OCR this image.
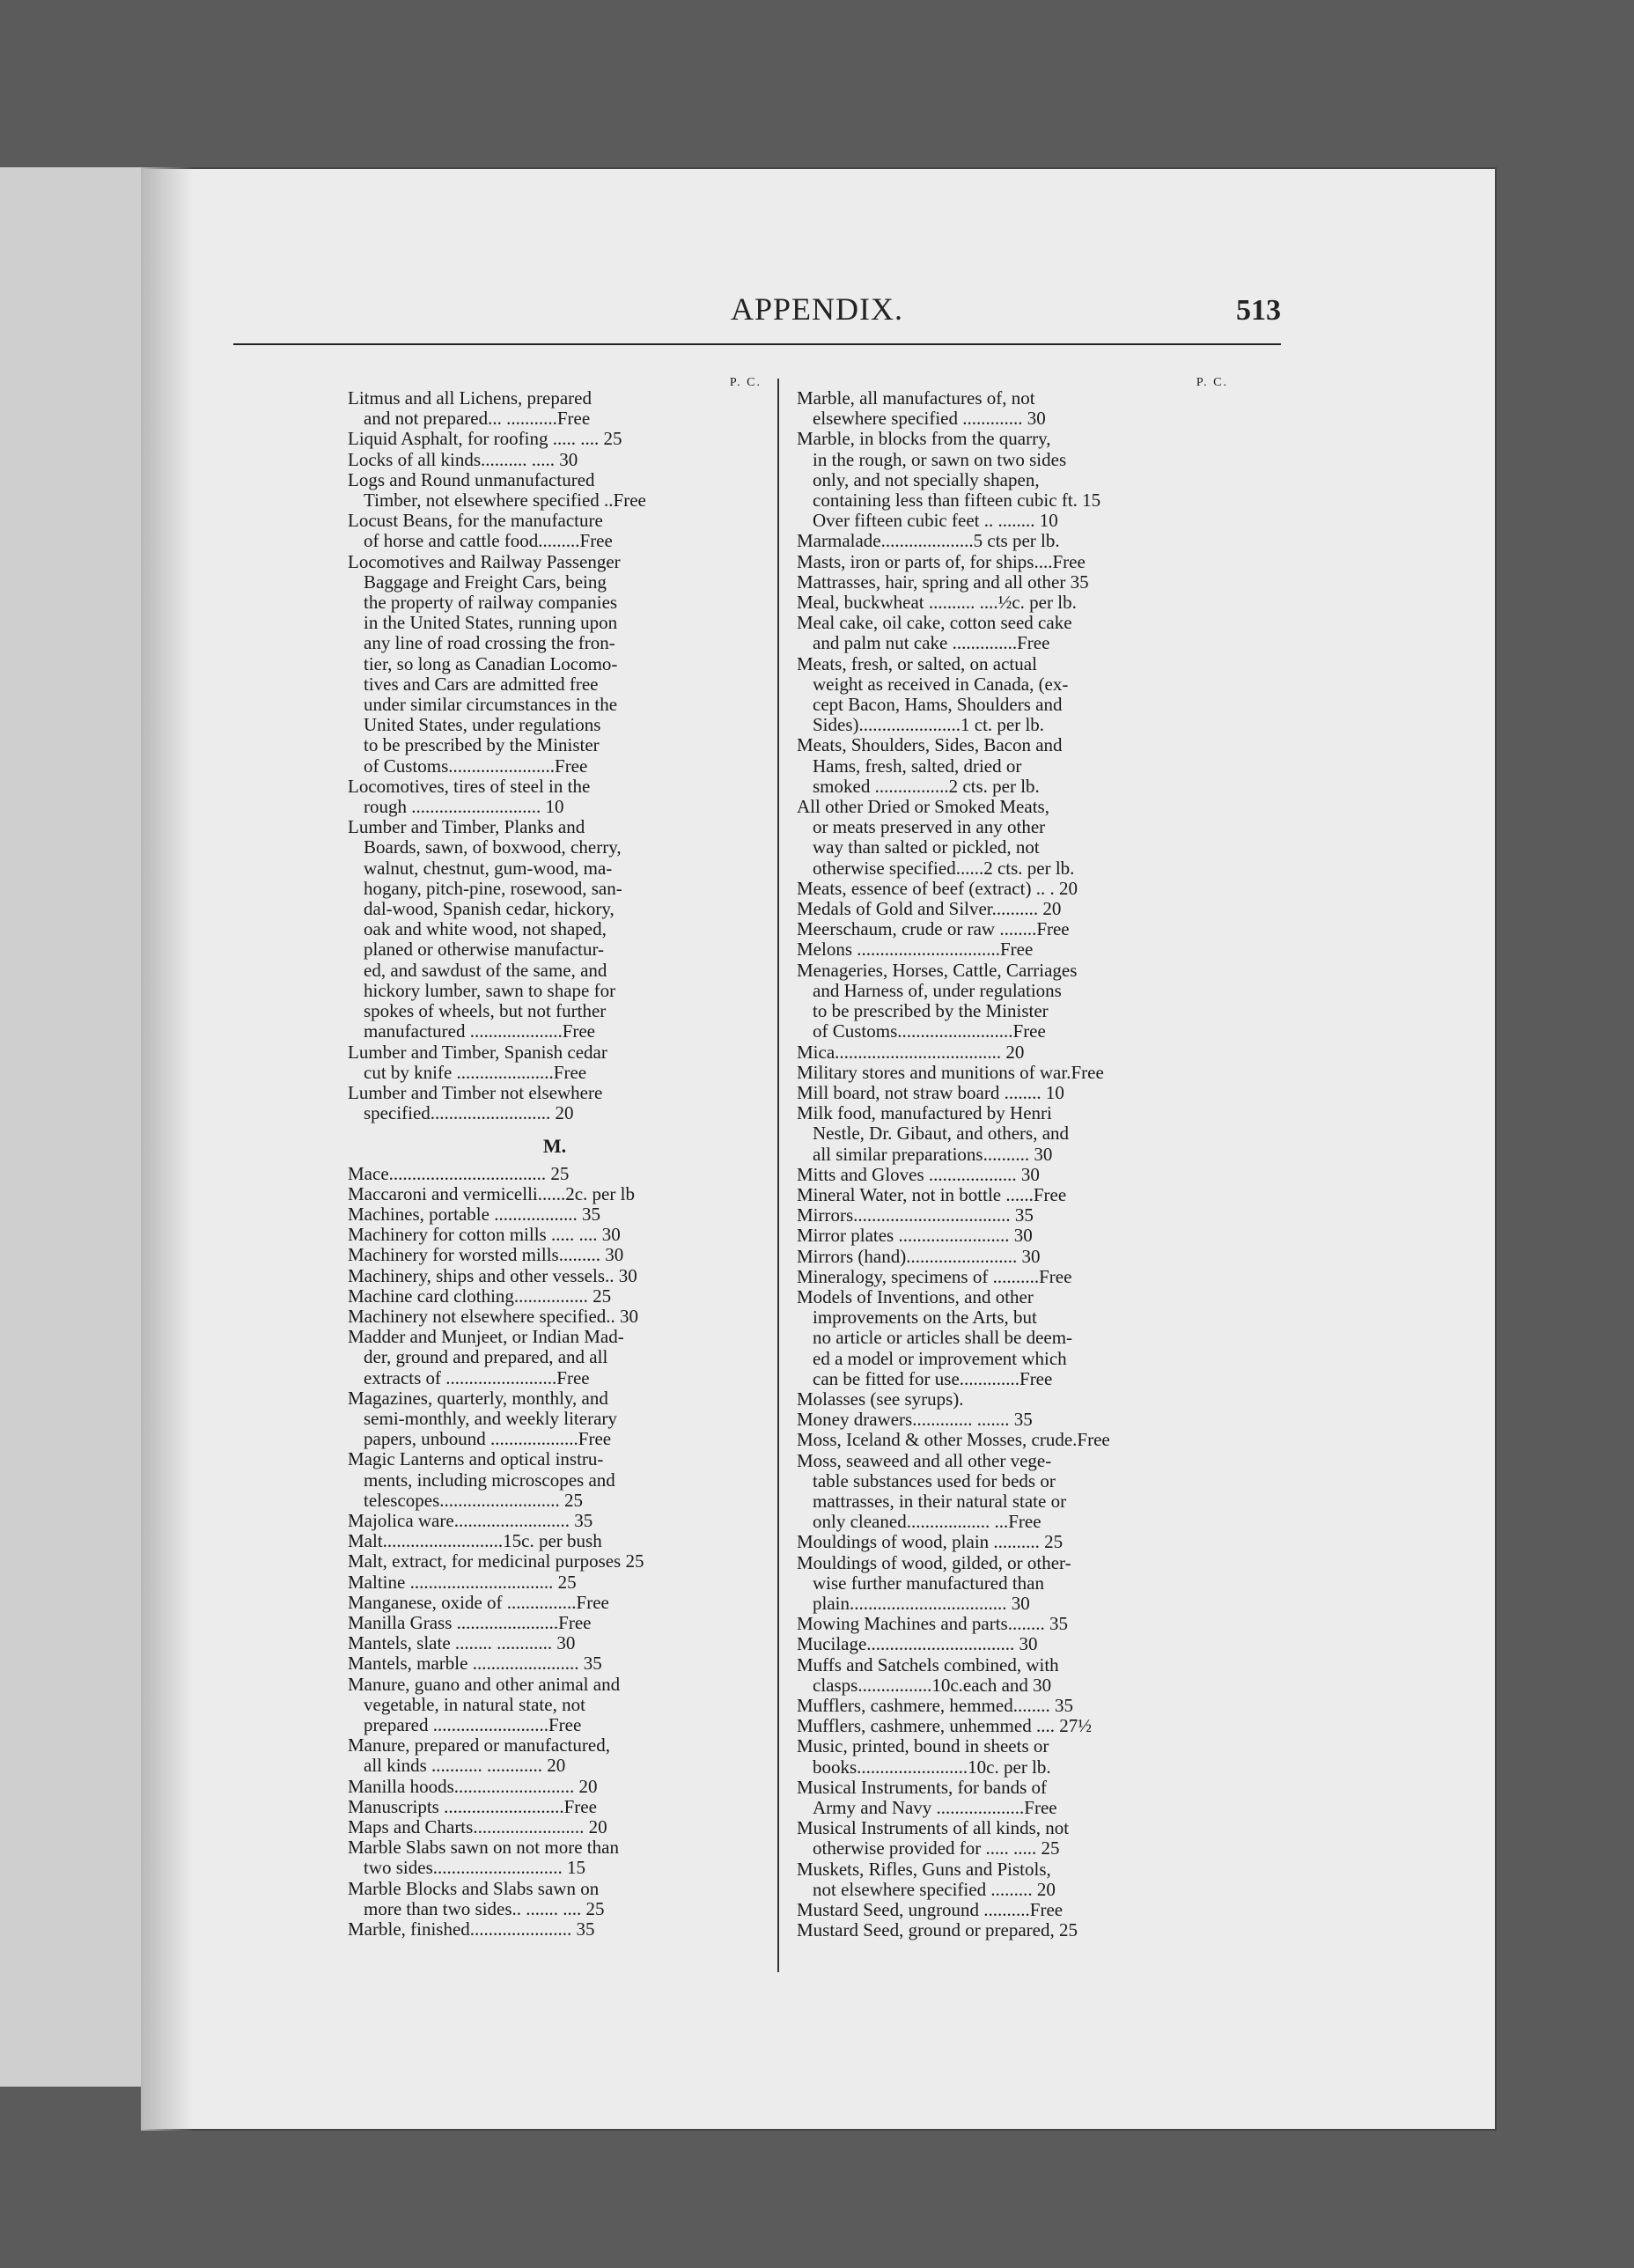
APPENDIX.	513
P. C.
Litmus and all Lichens, prepared
and not prepared... ...........Free
Liquid Asphalt, for roofing ..... .... 25
Locks of all kinds.......... ..... 30
Logs and Round unmanufactured
Timber, not elsewhere specified ..Free
Locust Beans, for the manufacture
of horse and cattle food.........Free
Locomotives and Railway Passenger
Baggage and Freight Cars, being
the property of railway companies
in the United States, running upon
any line of road crossing the fron-
tier, so long as Canadian Locomo-
tives and Cars are admitted free
under similar circumstances in the
United States, under regulations
to be prescribed by the Minister
of Customs.......................Free
Locomotives, tires of steel in the
rough ............................ 10
Lumber and Timber, Planks and
Boards, sawn, of boxwood, cherry,
walnut, chestnut, gum-wood, ma-
hogany, pitch-pine, rosewood, san-
dal-wood, Spanish cedar, hickory,
oak and white wood, not shaped,
planed or otherwise manufactur-
ed, and sawdust of the same, and
hickory lumber, sawn to shape for
spokes of wheels, but not further
manufactured ....................Free
Lumber and Timber, Spanish cedar
cut by knife .....................Free
Lumber and Timber not elsewhere
specified.......................... 20
M.
Mace.................................. 25
Maccaroni and vermicelli......2c. per lb
Machines, portable .................. 35
Machinery for cotton mills ..... .... 30
Machinery for worsted mills......... 30
Machinery, ships and other vessels.. 30
Machine card clothing................ 25
Machinery not elsewhere specified.. 30
Madder and Munjeet, or Indian Mad-
der, ground and prepared, and all
extracts of ........................Free
Magazines, quarterly, monthly, and
semi-monthly, and weekly literary
papers, unbound ...................Free
Magic Lanterns and optical instru-
ments, including microscopes and
telescopes.......................... 25
Majolica ware......................... 35
Malt..........................15c. per bush
Malt, extract, for medicinal purposes 25
Maltine ............................... 25
Manganese, oxide of ...............Free
Manilla Grass ......................Free
Mantels, slate ........ ............ 30
Mantels, marble ....................... 35
Manure, guano and other animal and
vegetable, in natural state, not
prepared .........................Free
Manure, prepared or manufactured,
all kinds ........... ............ 20
Manilla hoods.......................... 20
Manuscripts ..........................Free
Maps and Charts........................ 20
Marble Slabs sawn on not more than
two sides............................ 15
Marble Blocks and Slabs sawn on
more than two sides.. ....... .... 25
Marble, finished...................... 35
P. C.
Marble, all manufactures of, not
elsewhere specified ............. 30
Marble, in blocks from the quarry,
in the rough, or sawn on two sides
only, and not specially shapen,
containing less than fifteen cubic ft. 15
Over fifteen cubic feet .. ........ 10
Marmalade....................5 cts per lb.
Masts, iron or parts of, for ships....Free
Mattrasses, hair, spring and all other 35
Meal, buckwheat .......... ....½c. per lb.
Meal cake, oil cake, cotton seed cake
and palm nut cake ..............Free
Meats, fresh, or salted, on actual
weight as received in Canada, (ex-
cept Bacon, Hams, Shoulders and
Sides)......................1 ct. per lb.
Meats, Shoulders, Sides, Bacon and
Hams, fresh, salted, dried or
smoked ................2 cts. per lb.
All other Dried or Smoked Meats,
or meats preserved in any other
way than salted or pickled, not
otherwise specified......2 cts. per lb.
Meats, essence of beef (extract) .. . 20
Medals of Gold and Silver.......... 20
Meerschaum, crude or raw ........Free
Melons ...............................Free
Menageries, Horses, Cattle, Carriages
and Harness of, under regulations
to be prescribed by the Minister
of Customs.........................Free
Mica.................................... 20
Military stores and munitions of war.Free
Mill board, not straw board ........ 10
Milk food, manufactured by Henri
Nestle, Dr. Gibaut, and others, and
all similar preparations.......... 30
Mitts and Gloves ................... 30
Mineral Water, not in bottle ......Free
Mirrors.................................. 35
Mirror plates ........................ 30
Mirrors (hand)........................ 30
Mineralogy, specimens of ..........Free
Models of Inventions, and other
improvements on the Arts, but
no article or articles shall be deem-
ed a model or improvement which
can be fitted for use.............Free
Molasses (see syrups).
Money drawers............. ....... 35
Moss, Iceland & other Mosses, crude.Free
Moss, seaweed and all other vege-
table substances used for beds or
mattrasses, in their natural state or
only cleaned.................. ...Free
Mouldings of wood, plain .......... 25
Mouldings of wood, gilded, or other-
wise further manufactured than
plain.................................. 30
Mowing Machines and parts........ 35
Mucilage................................ 30
Muffs and Satchels combined, with
clasps................10c.each and 30
Mufflers, cashmere, hemmed........ 35
Mufflers, cashmere, unhemmed .... 27½
Music, printed, bound in sheets or
books........................10c. per lb.
Musical Instruments, for bands of
Army and Navy ...................Free
Musical Instruments of all kinds, not
otherwise provided for ..... ..... 25
Muskets, Rifles, Guns and Pistols,
not elsewhere specified ......... 20
Mustard Seed, unground ..........Free
Mustard Seed, ground or prepared, 25
